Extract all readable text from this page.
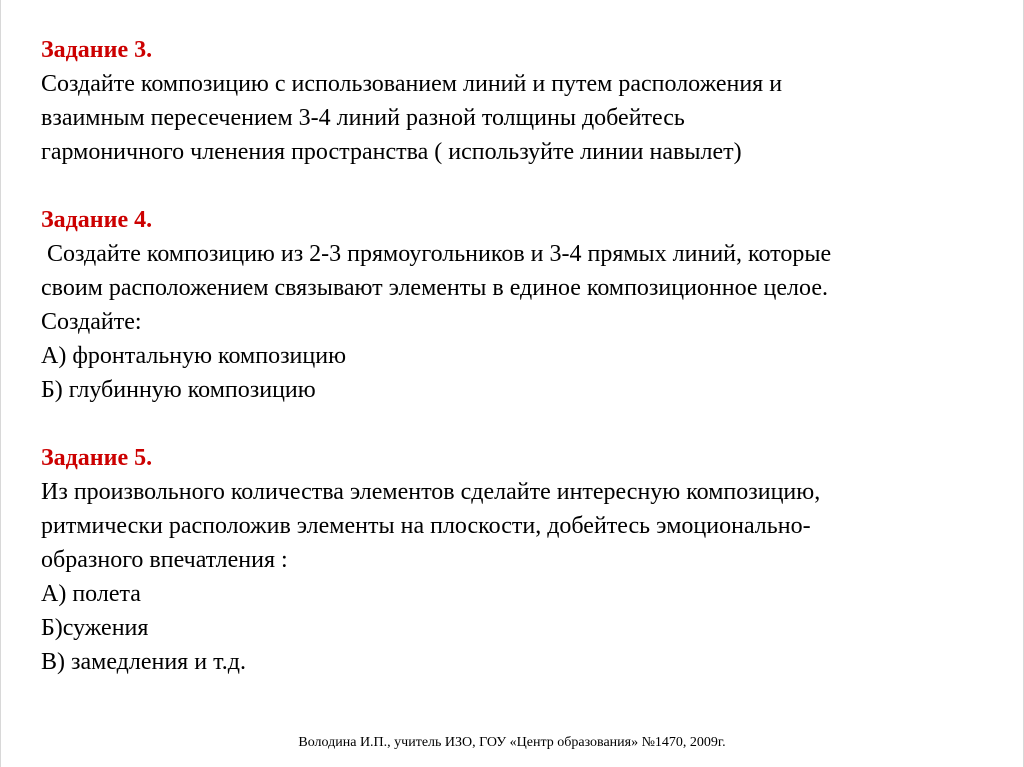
Задание 3.
Создайте композицию с использованием линий и путем расположения и
взаимным пересечением 3-4 линий разной толщины добейтесь
гармоничного членения пространства ( используйте линии навылет)
Задание 4.
Создайте композицию из 2-3 прямоугольников и 3-4 прямых линий, которые
своим расположением связывают элементы в единое композиционное целое.
Создайте:
А) фронтальную композицию
Б) глубинную композицию
Задание 5.
Из произвольного количества элементов сделайте интересную композицию,
ритмически расположив элементы на плоскости, добейтесь эмоционально-
образного впечатления :
А) полета
Б)сужения
В) замедления и т.д.
Володина И.П., учитель ИЗО, ГОУ «Центр образования» №1470, 2009г.
